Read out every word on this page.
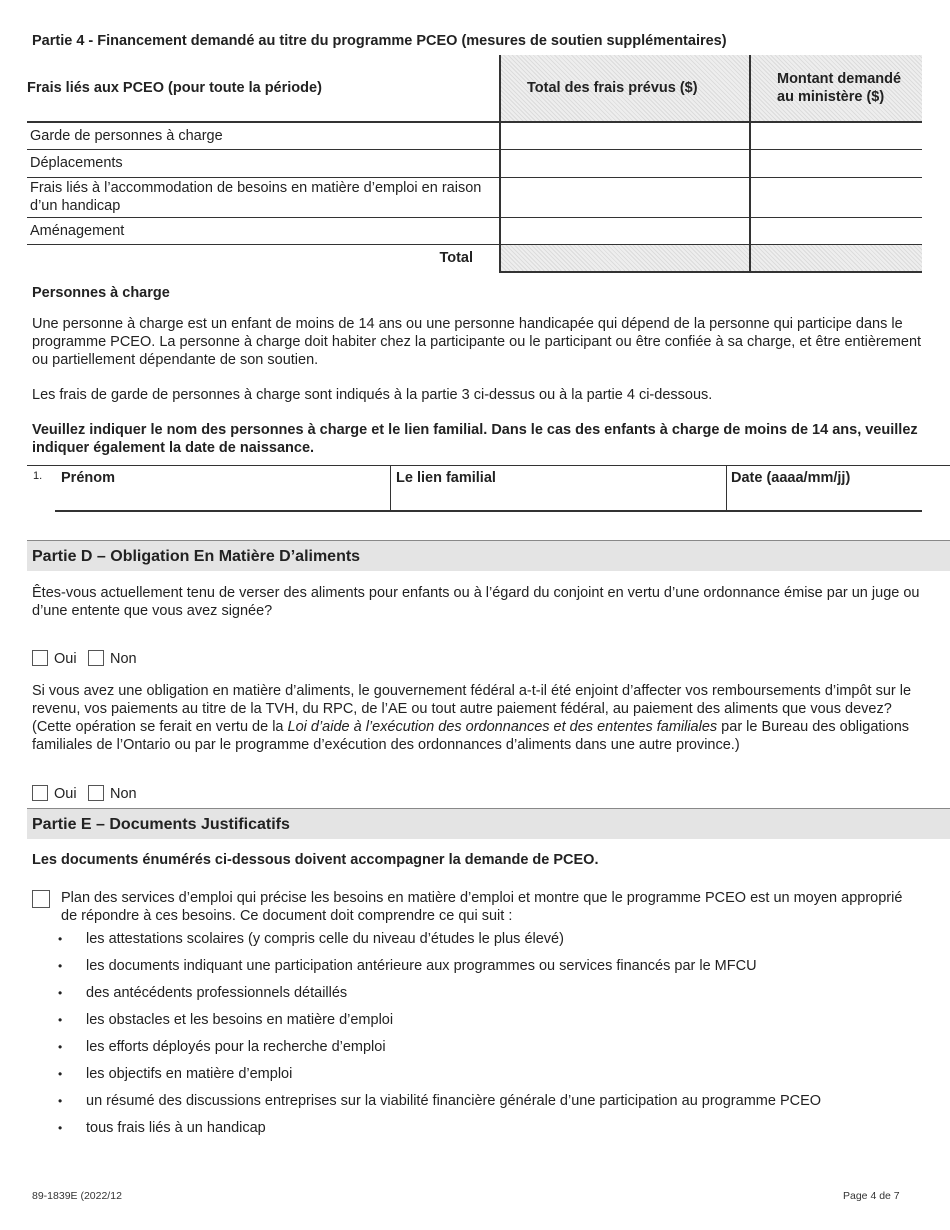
Partie 4 - Financement demandé au titre du programme PCEO (mesures de soutien supplémentaires)
Frais liés aux PCEO (pour toute la période)	Total des frais prévus ($)	Montant demandé au ministère ($)
Garde de personnes à charge		
Déplacements		
Frais liés à l’accommodation de besoins en matière d’emploi en raison d’un handicap		
Aménagement		
Total		
Personnes à charge
Une personne à charge est un enfant de moins de 14 ans ou une personne handicapée qui dépend de la personne qui participe dans le programme PCEO. La personne à charge doit habiter chez la participante ou le participant ou être confiée à sa charge, et être entièrement ou partiellement dépendante de son soutien.
Les frais de garde de personnes à charge sont indiqués à la partie 3 ci-dessus ou à la partie 4 ci-dessous.
Veuillez indiquer le nom des personnes à charge et le lien familial. Dans le cas des enfants à charge de moins de 14 ans, veuillez indiquer également la date de naissance.
1. Prénom	Le lien familial	Date (aaaa/mm/jj)
Partie D – Obligation En Matière D’aliments
Êtes-vous actuellement tenu de verser des aliments pour enfants ou à l’égard du conjoint en vertu d’une ordonnance émise par un juge ou
d’une entente que vous avez signée?
Oui Non
Si vous avez une obligation en matière d’aliments, le gouvernement fédéral a-t-il été enjoint d’affecter vos remboursements d’impôt sur le revenu, vos paiements au titre de la TVH, du RPC, de l’AE ou tout autre paiement fédéral, au paiement des aliments que vous devez? (Cette opération se ferait en vertu de la Loi d’aide à l’exécution des ordonnances et des ententes familiales par le Bureau des obligations familiales de l’Ontario ou par le programme d’exécution des ordonnances d’aliments dans une autre province.)
Oui Non
Partie E – Documents Justificatifs
Les documents énumérés ci-dessous doivent accompagner la demande de PCEO.
Plan des services d’emploi qui précise les besoins en matière d’emploi et montre que le programme PCEO est un moyen approprié de répondre à ces besoins. Ce document doit comprendre ce qui suit :
• les attestations scolaires (y compris celle du niveau d’études le plus élevé)
• les documents indiquant une participation antérieure aux programmes ou services financés par le MFCU
• des antécédents professionnels détaillés
• les obstacles et les besoins en matière d’emploi
• les efforts déployés pour la recherche d’emploi
• les objectifs en matière d’emploi
• un résumé des discussions entreprises sur la viabilité financière générale d’une participation au programme PCEO
• tous frais liés à un handicap
89-1839E (2022/12	Page 4 de 7
